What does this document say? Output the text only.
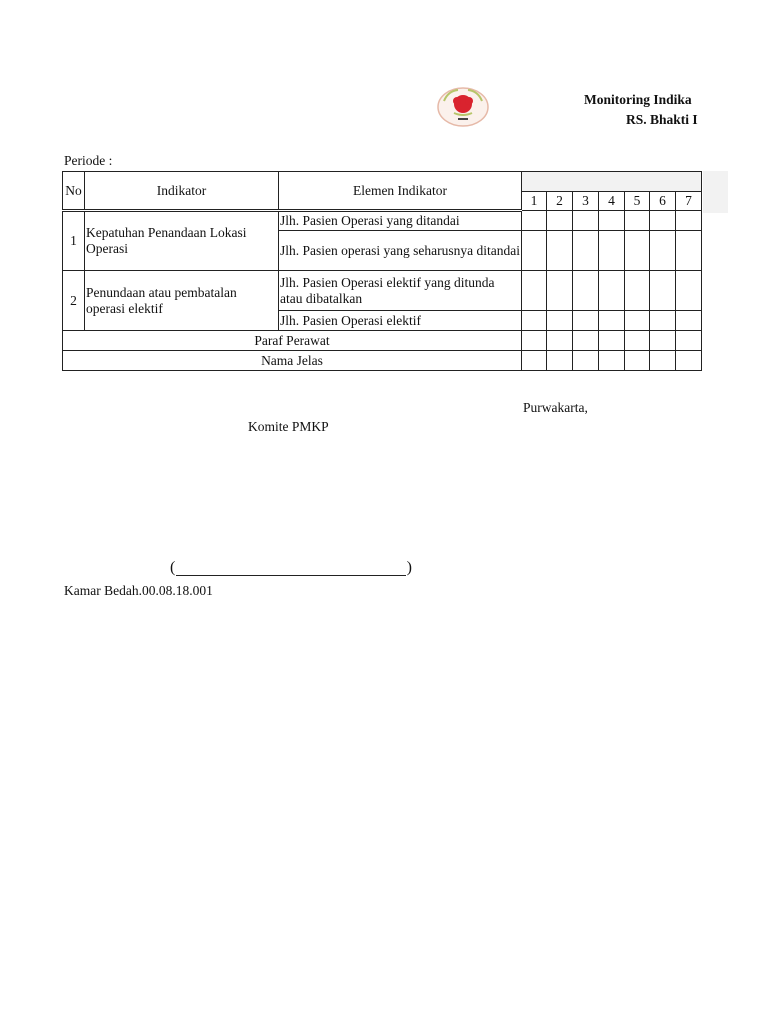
Monitoring Indika
RS. Bhakti I
Periode :
No	Indikator	Elemen Indikator							
			1	2	3	4	5	6	7
1	Kepatuhan Penandaan Lokasi Operasi	Jlh. Pasien Operasi yang ditandai							
		Jlh. Pasien operasi yang seharusnya ditandai							
2	Penundaan atau pembatalan operasi elektif	Jlh. Pasien Operasi elektif yang ditunda atau dibatalkan							
		Jlh. Pasien Operasi elektif							
Paraf Perawat									
Nama Jelas									
Purwakarta,
Komite PMKP
(	)
Kamar Bedah.00.08.18.001
